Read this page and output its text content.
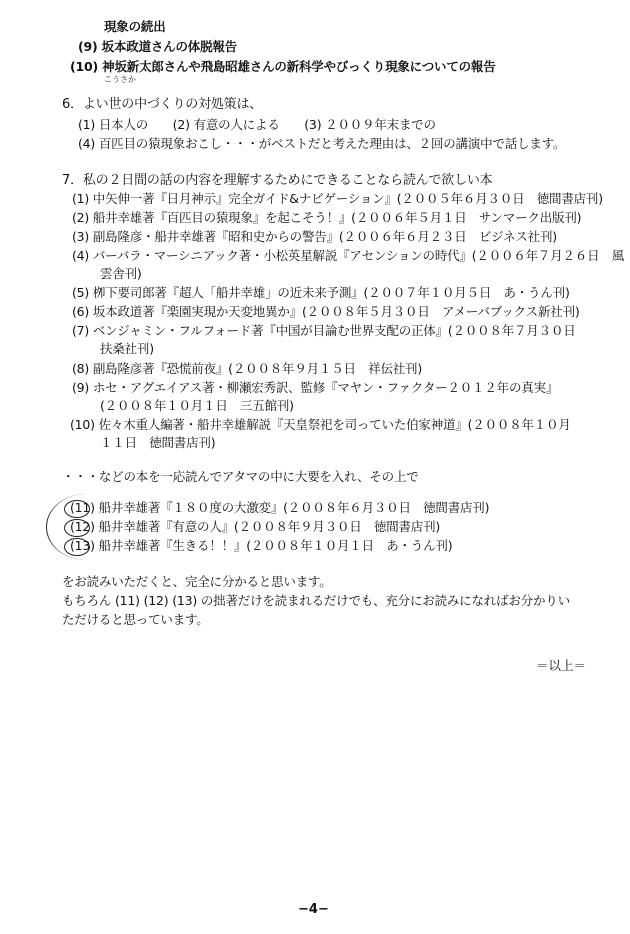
現象の続出
(9) 坂本政道さんの体脱報告
(10) 神坂新太郎さんや飛島昭雄さんの新科学やびっくり現象についての報告
こうさか
6．よい世の中づくりの対処策は、
(1) 日本人の　　(2) 有意の人による　　(3) ２００９年末までの
(4) 百匹目の猿現象おこし・・・がベストだと考えた理由は、２回の講演中で話します。
7．私の２日間の話の内容を理解するためにできることなら読んで欲しい本
(1) 中矢伸一著『日月神示』完全ガイド&ナビゲーション』(２００５年６月３０日　徳間書店刊)
(2) 船井幸雄著『百匹目の猿現象』を起こそう！』(２００６年５月１日　サンマーク出版刊)
(3) 副島隆彦・船井幸雄著『昭和史からの警告』(２００６年６月２３日　ビジネス社刊)
(4) バーバラ・マーシニアック著・小松英星解説『アセンションの時代』(２００６年７月２６日　風
雲舎刊)
(5) 栁下要司郎著『超人「船井幸雄」の近未来予測』(２００７年１０月５日　あ・うん刊)
(6) 坂本政道著『楽園実現か天変地異か』(２００８年５月３０日　アメーバブックス新社刊)
(7) ベンジャミン・フルフォード著『中国が目論む世界支配の正体』(２００８年７月３０日
扶桑社刊)
(8) 副島隆彦著『恐慌前夜』(２００８年９月１５日　祥伝社刊)
(9) ホセ・アグエイアス著・柳瀬宏秀訳、監修『マヤン・ファクター２０１２年の真実』
(２００８年１０月１日　三五館刊)
(10) 佐々木重人編著・船井幸雄解説『天皇祭祀を司っていた伯家神道』(２００８年１０月
１１日　徳間書店刊)
・・・などの本を一応読んでアタマの中に大要を入れ、その上で
(11) 船井幸雄著『１８０度の大激変』(２００８年６月３０日　徳間書店刊)
(12) 船井幸雄著『有意の人』(２００８年９月３０日　徳間書店刊)
(13) 船井幸雄著『生きる！！』(２００８年１０月１日　あ・うん刊)
をお読みいただくと、完全に分かると思います。
もちろん (11) (12) (13) の拙著だけを読まれるだけでも、充分にお読みになればお分かりい
ただけると思っています。
＝以上＝
−4−
